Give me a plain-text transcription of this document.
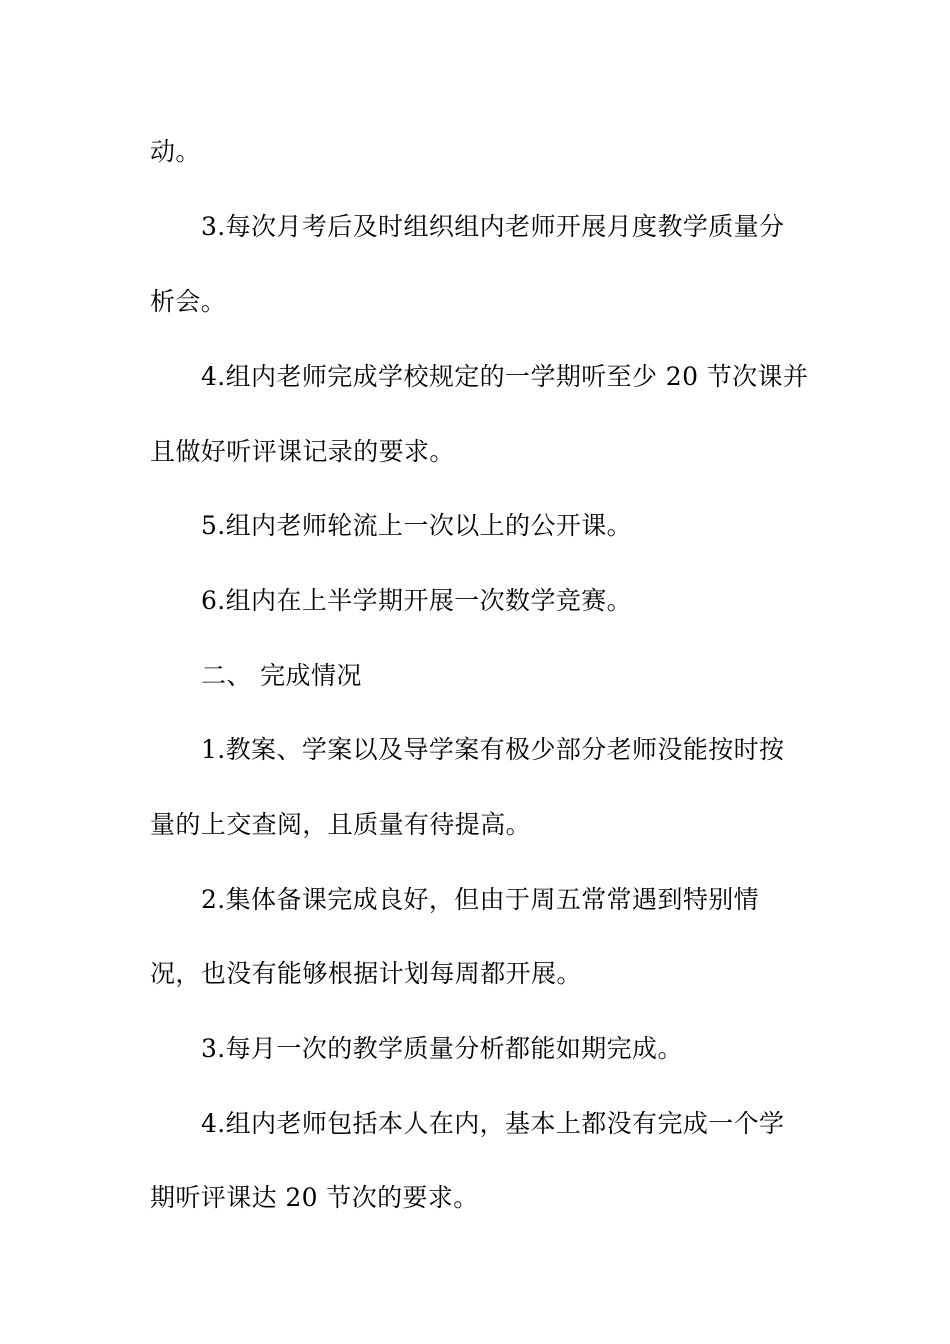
动。
3.每次月考后及时组织组内老师开展月度教学质量分
析会。
4.组内老师完成学校规定的一学期听至少 20 节次课并
且做好听评课记录的要求。
5.组内老师轮流上一次以上的公开课。
6.组内在上半学期开展一次数学竞赛。
二、 完成情况
1.教案、学案以及导学案有极少部分老师没能按时按
量的上交查阅，且质量有待提高。
2.集体备课完成良好，但由于周五常常遇到特别情
况，也没有能够根据计划每周都开展。
3.每月一次的教学质量分析都能如期完成。
4.组内老师包括本人在内，基本上都没有完成一个学
期听评课达 20 节次的要求。
